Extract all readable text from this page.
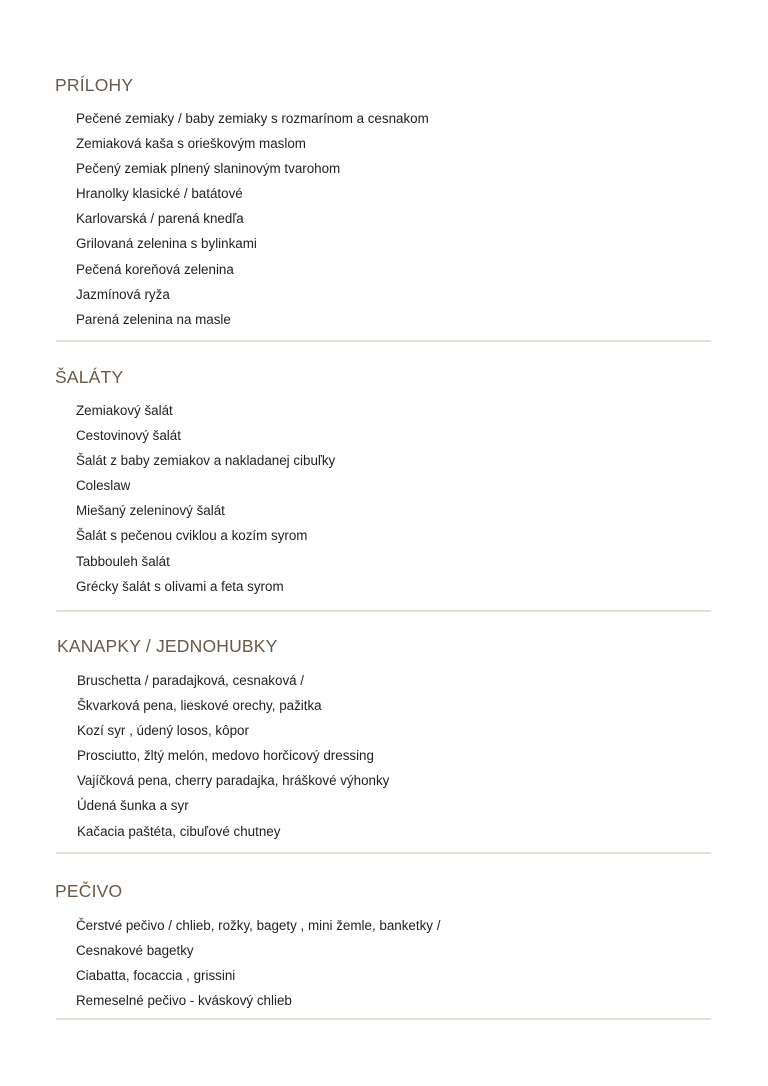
PRÍLOHY
Pečené zemiaky / baby zemiaky s rozmarínom a cesnakom
Zemiaková kaša s orieškovým maslom
Pečený zemiak plnený slaninovým tvarohom
Hranolky klasické / batátové
Karlovarská / parená knedľa
Grilovaná zelenina s bylinkami
Pečená koreňová zelenina
Jazmínová ryža
Parená zelenina na masle
ŠALÁTY
Zemiakový šalát
Cestovinový šalát
Šalát z baby zemiakov a nakladanej cibuľky
Coleslaw
Miešaný zeleninový šalát
Šalát s pečenou cviklou a kozím syrom
Tabbouleh šalát
Grécky šalát s olivami a feta syrom
KANAPKY / JEDNOHUBKY
Bruschetta / paradajková, cesnaková /
Škvarková pena, lieskové orechy, pažitka
Kozí syr , údený losos, kôpor
Prosciutto, žltý melón, medovo horčicový dressing
Vajíčková pena, cherry paradajka, hráškové výhonky
Údená šunka a syr
Kačacia paštéta, cibuľové chutney
PEČIVO
Čerstvé pečivo / chlieb, rožky, bagety , mini žemle, banketky /
Cesnakové bagetky
Ciabatta, focaccia , grissini
Remeselné pečivo - kváskový chlieb
